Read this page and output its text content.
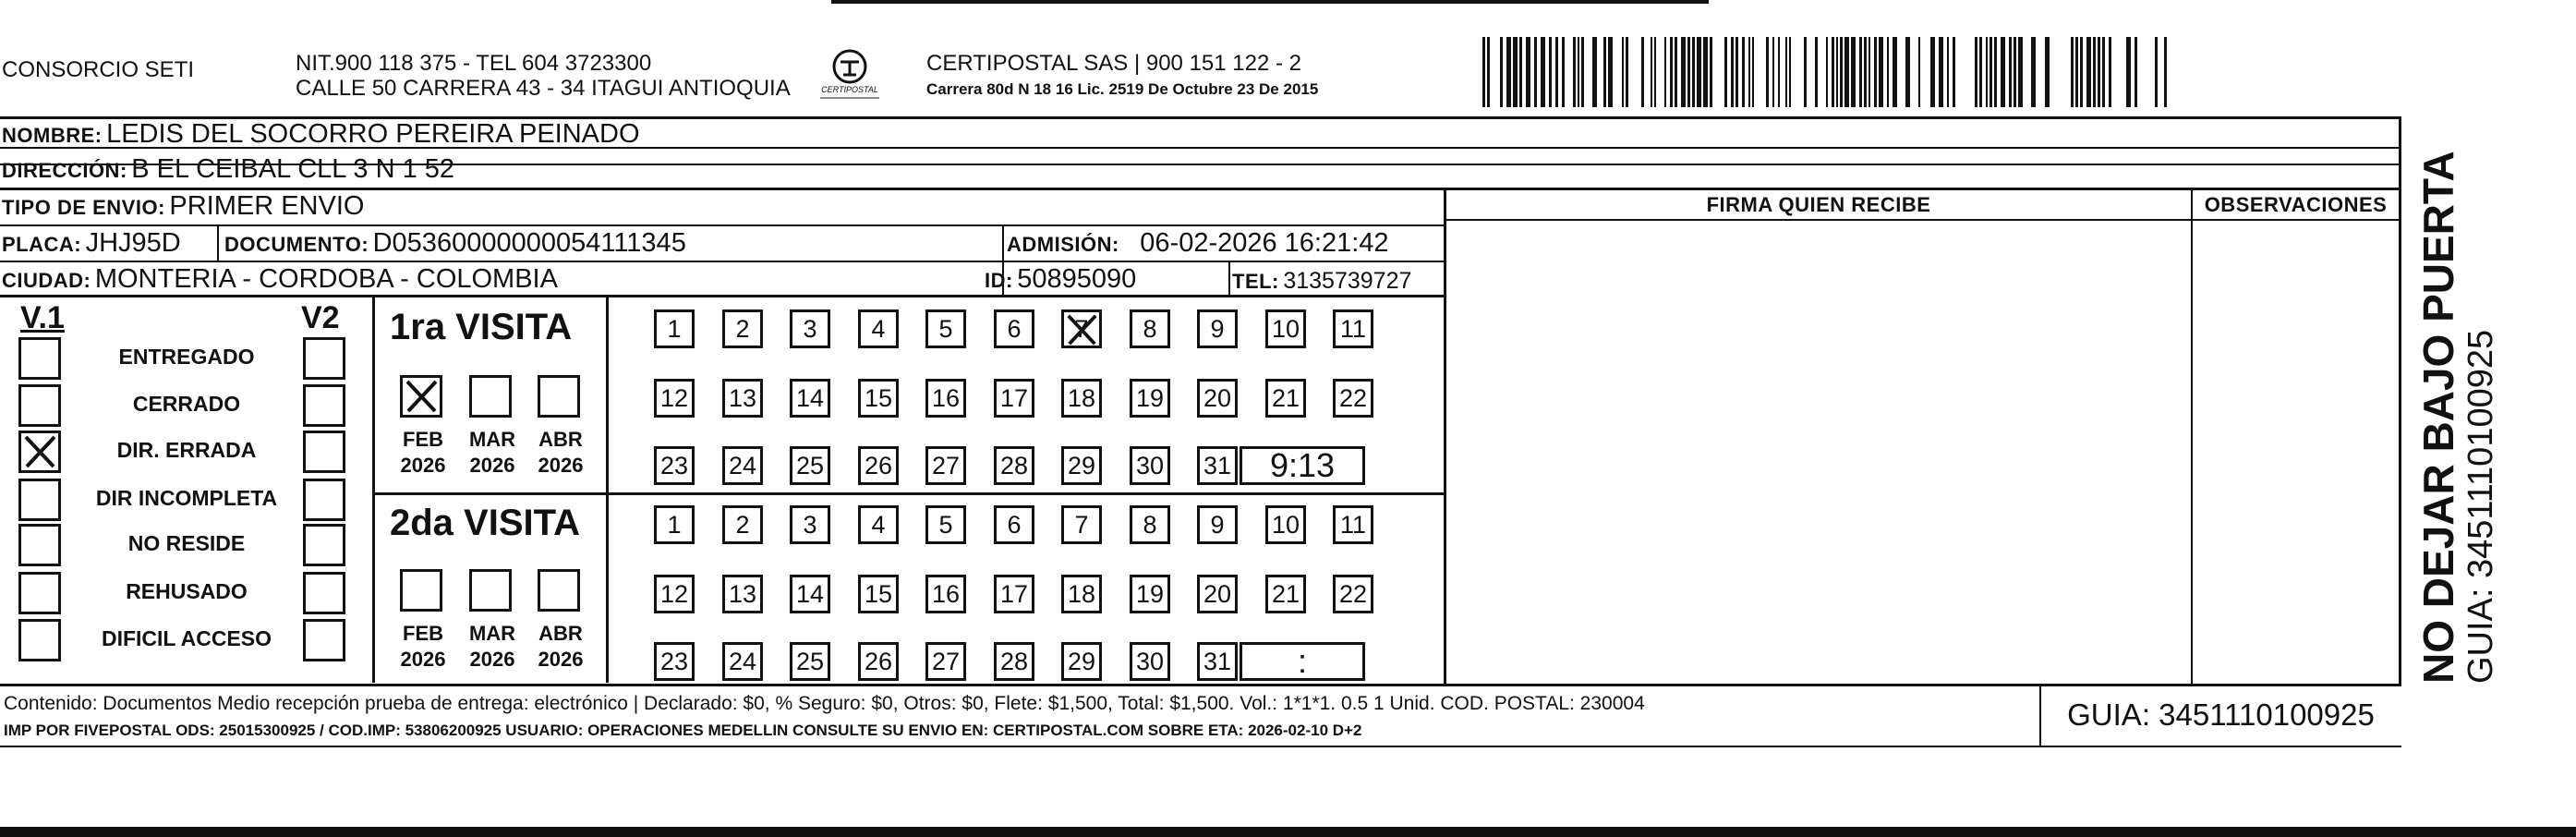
CONSORCIO SETI	NIT.900 118 375 - TEL 604 3723300
CALLE 50 CARRERA 43 - 34 ITAGUI ANTIOQUIA	CERTIPOSTAL
CERTIPOSTAL SAS | 900 151 122 - 2
Carrera 80d N 18 16 Lic. 2519 De Octubre 23 De 2015
NOMBRE: LEDIS DEL SOCORRO PEREIRA PEINADO
DIRECCIÓN: B EL CEIBAL CLL 3 N 1 52
TIPO DE ENVIO: PRIMER ENVIO
PLACA: JHJ95D DOCUMENTO: D05360000000054111345	ADMISIÓN: 06-02-2026 16:21:42
CIUDAD: MONTERIA - CORDOBA - COLOMBIA	ID: 50895090	TEL: 3135739727
FIRMA QUIEN RECIBE	OBSERVACIONES
V.1	V2
ENTREGADO
CERRADO
DIR. ERRADA
DIR INCOMPLETA
NO RESIDE
REHUSADO
DIFICIL ACCESO
1ra VISITA
FEB
2026
MAR
2026
ABR
2026
1	2	3	4	5	6	7	8	9	10 11
12 13 14 15 16 17 18 19 20 21 22
23 24 25 26 27 28 29 30 31	9:13
2da VISITA
FEB
2026
MAR
2026
ABR
2026
1	2	3	4	5	6	7	8	9	10 11
12 13 14 15 16 17 18 19 20 21 22
23 24 25 26 27 28 29 30 31	:
Contenido: Documentos Medio recepción prueba de entrega: electrónico | Declarado: $0, % Seguro: $0, Otros: $0, Flete: $1,500, Total: $1,500. Vol.: 1*1*1. 0.5 1 Unid. COD. POSTAL: 230004
IMP POR FIVEPOSTAL ODS: 25015300925 / COD.IMP: 53806200925 USUARIO: OPERACIONES MEDELLIN CONSULTE SU ENVIO EN: CERTIPOSTAL.COM SOBRE ETA: 2026-02-10 D+2	GUIA: 3451110100925
NO DEJAR BAJO PUERTA GUIA: 3451110100925
